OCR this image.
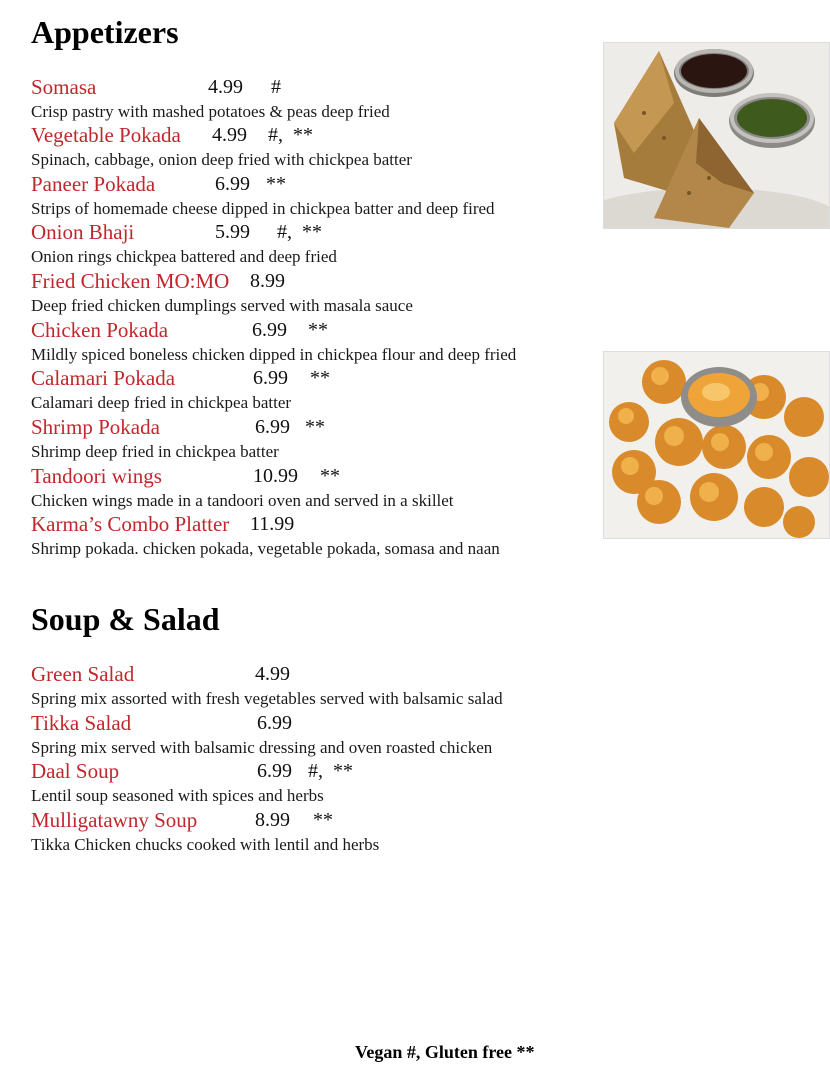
Appetizers
Somasa	4.99 #
Crisp pastry with mashed potatoes & peas deep fried
Vegetable Pokada 4.99 #,  **
Spinach, cabbage, onion deep fried with chickpea batter
Paneer Pokada	6.99 **
Strips of homemade cheese dipped in chickpea batter and deep fired
Onion Bhaji	5.99 #,  **
Onion rings chickpea battered and deep fried
Fried Chicken MO:MO 8.99
Deep fried chicken dumplings served with masala sauce
Chicken Pokada	6.99 **
Mildly spiced boneless chicken dipped in chickpea flour and deep fried
Calamari Pokada	6.99 **
Calamari deep fried in chickpea batter
Shrimp Pokada	6.99 **
Shrimp deep fried in chickpea batter
Tandoori wings	10.99 **
Chicken wings made in a tandoori oven and served in a skillet
Karma’s Combo Platter 11.99
Shrimp pokada. chicken pokada, vegetable pokada, somasa and naan
Soup & Salad
Green Salad	4.99
Spring mix assorted with fresh vegetables served with balsamic salad
Tikka Salad	6.99
Spring mix served with balsamic dressing and oven roasted chicken
Daal Soup	6.99 #,  **
Lentil soup seasoned with spices and herbs
Mulligatawny Soup	8.99 **
Tikka Chicken chucks cooked with lentil and herbs
Vegan #, Gluten free **
